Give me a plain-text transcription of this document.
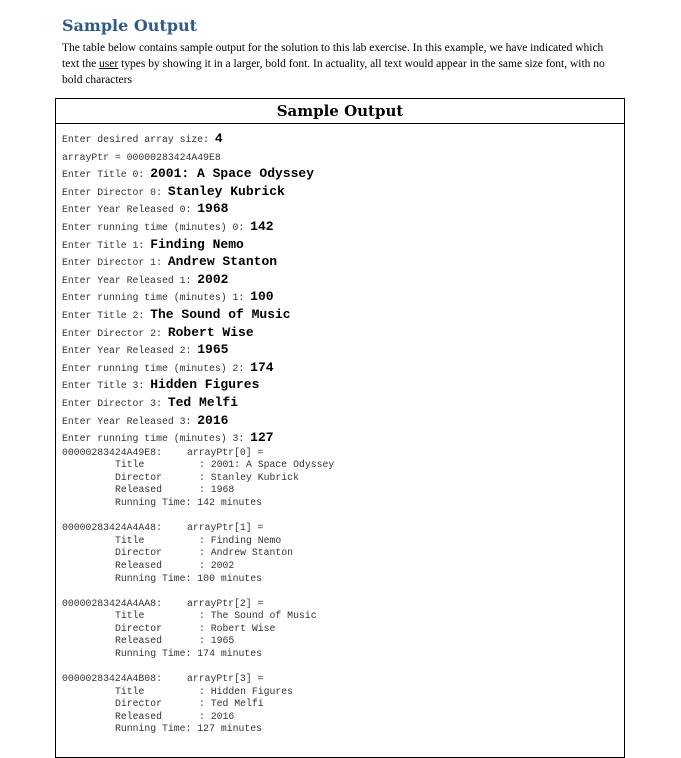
Sample Output

The table below contains sample output for the solution to this lab exercise. In this example, we have indicated which text the user types by showing it in a larger, bold font. In actuality, all text would appear in the same size font, with no bold characters

Sample Output
Enter desired array size: 4
arrayPtr = 00000283424A49E8
Enter Title 0: 2001: A Space Odyssey
Enter Director 0: Stanley Kubrick
Enter Year Released 0: 1968
Enter running time (minutes) 0: 142
Enter Title 1: Finding Nemo
Enter Director 1: Andrew Stanton
Enter Year Released 1: 2002
Enter running time (minutes) 1: 100
Enter Title 2: The Sound of Music
Enter Director 2: Robert Wise
Enter Year Released 2: 1965
Enter running time (minutes) 2: 174
Enter Title 3: Hidden Figures
Enter Director 3: Ted Melfi
Enter Year Released 3: 2016
Enter running time (minutes) 3: 127
00000283424A49E8:	arrayPtr[0] =
Title	: 2001: A Space Odyssey
Director	: Stanley Kubrick
Released	: 1968
Running Time: 142 minutes
00000283424A4A48:	arrayPtr[1] =
Title	: Finding Nemo
Director	: Andrew Stanton
Released	: 2002
Running Time: 100 minutes
00000283424A4AA8:	arrayPtr[2] =
Title	: The Sound of Music
Director	: Robert Wise
Released	: 1965
Running Time: 174 minutes
00000283424A4B08:	arrayPtr[3] =
Title	: Hidden Figures
Director	: Ted Melfi
Released	: 2016
Running Time: 127 minutes
